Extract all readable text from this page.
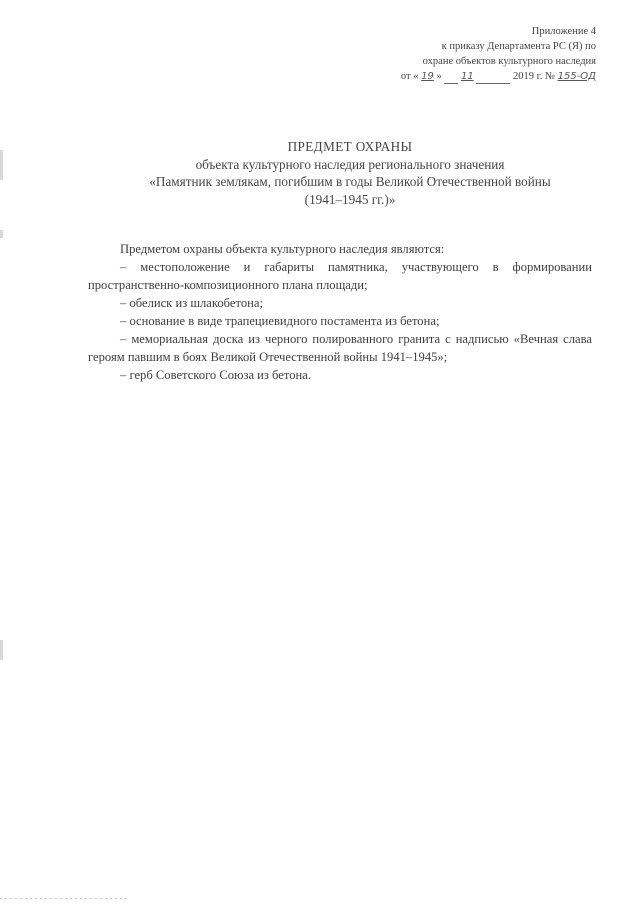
Приложение 4
к приказу Департамента РС (Я) по
охране объектов культурного наследия
от « 19 » 11	2019 г. № 155-ОД
ПРЕДМЕТ ОХРАНЫ
объекта культурного наследия регионального значения
«Памятник землякам, погибшим в годы Великой Отечественной войны
(1941–1945 гг.)»

Предметом охраны объекта культурного наследия являются:

– местоположение и габариты памятника, участвующего в формировании

пространственно-композиционного плана площади;

– обелиск из шлакобетона;

– основание в виде трапециевидного постамента из бетона;

– мемориальная доска из черного полированного гранита с надписью «Вечная слава

героям павшим в боях Великой Отечественной войны 1941–1945»;

– герб Советского Союза из бетона.
